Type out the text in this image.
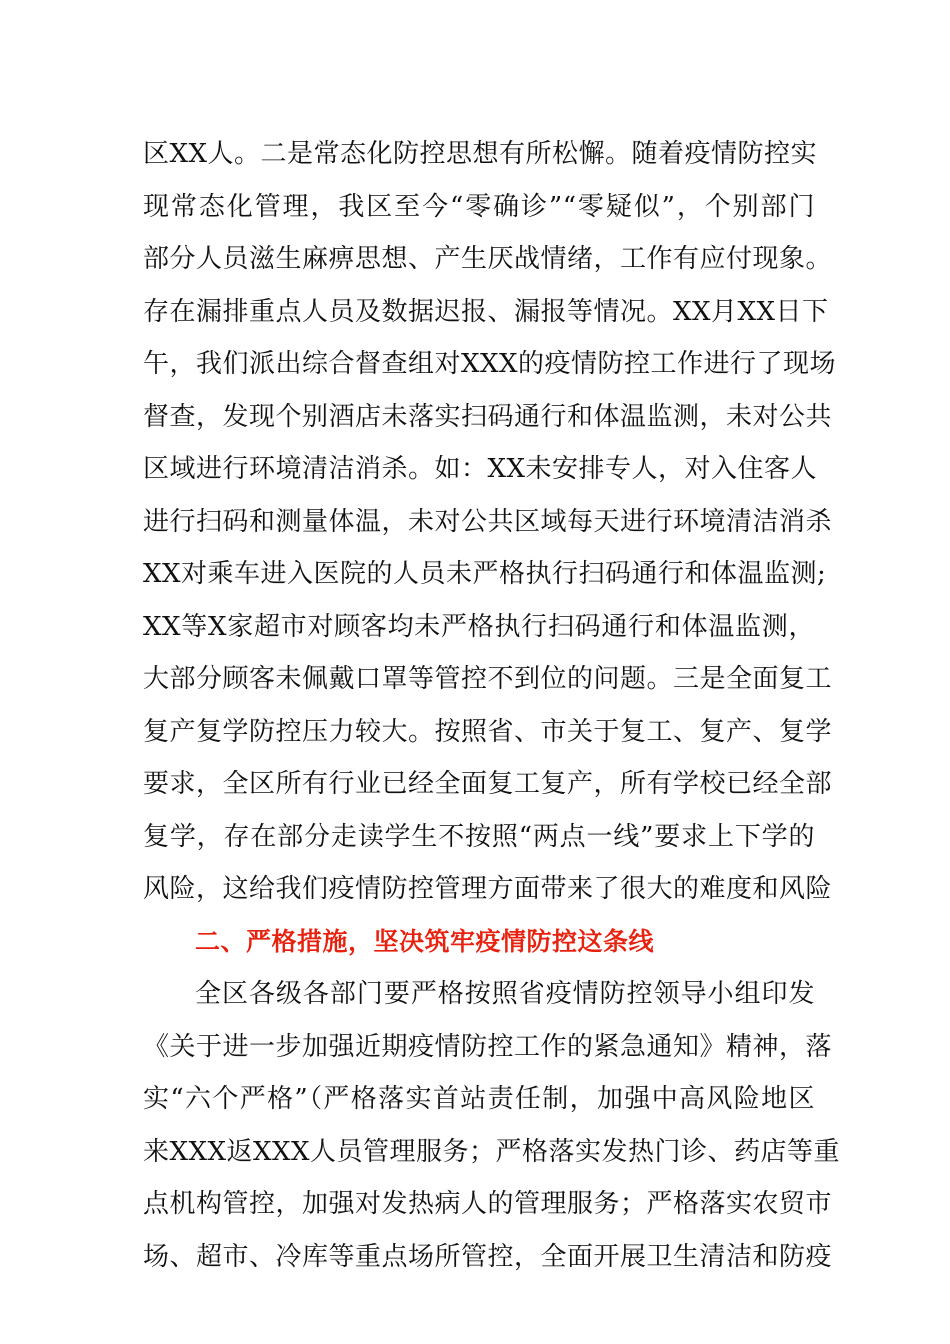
区XX人。二是常态化防控思想有所松懈。随着疫情防控实
现常态化管理，我区至今“零确诊”“零疑似”，个别部门
部分人员滋生麻痹思想、产生厌战情绪，工作有应付现象。
存在漏排重点人员及数据迟报、漏报等情况。XX月XX日下
午，我们派出综合督查组对XXX的疫情防控工作进行了现场
督查，发现个别酒店未落实扫码通行和体温监测，未对公共
区域进行环境清洁消杀。如：XX未安排专人，对入住客人
进行扫码和测量体温，未对公共区域每天进行环境清洁消杀
XX对乘车进入医院的人员未严格执行扫码通行和体温监测;
XX等X家超市对顾客均未严格执行扫码通行和体温监测，
大部分顾客未佩戴口罩等管控不到位的问题。三是全面复工
复产复学防控压力较大。按照省、市关于复工、复产、复学
要求，全区所有行业已经全面复工复产，所有学校已经全部
复学，存在部分走读学生不按照“两点一线”要求上下学的
风险，这给我们疫情防控管理方面带来了很大的难度和风险
二、严格措施，坚决筑牢疫情防控这条线
全区各级各部门要严格按照省疫情防控领导小组印发
《关于进一步加强近期疫情防控工作的紧急通知》精神，落
实“六个严格”（严格落实首站责任制，加强中高风险地区
来XXX返XXX人员管理服务；严格落实发热门诊、药店等重
点机构管控，加强对发热病人的管理服务；严格落实农贸市
场、超市、冷库等重点场所管控，全面开展卫生清洁和防疫
